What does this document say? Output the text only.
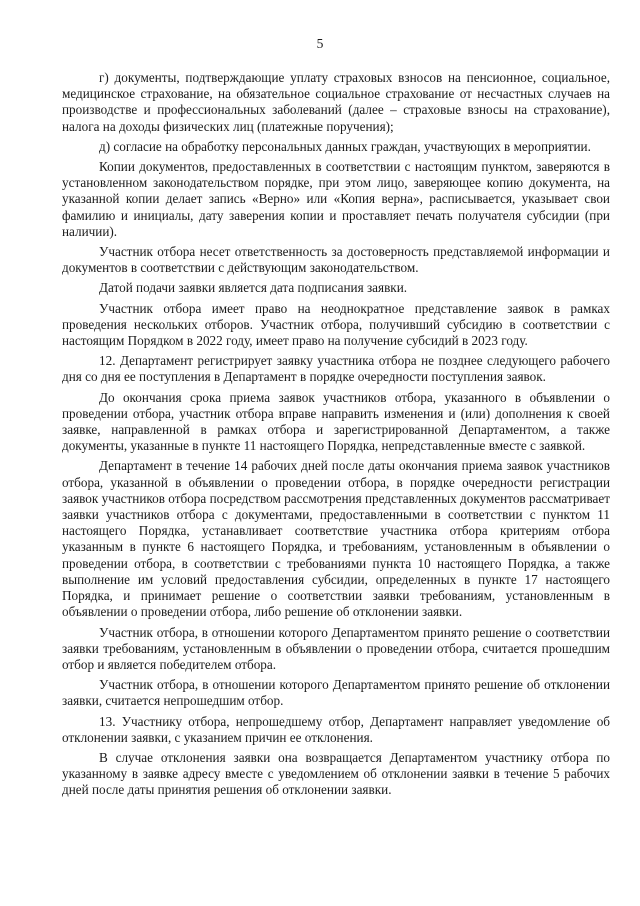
5

г) документы, подтверждающие уплату страховых взносов на пенсионное, социальное, медицинское страхование, на обязательное социальное страхование от несчастных случаев на производстве и профессиональных заболеваний (далее – страховые взносы на страхование), налога на доходы физических лиц (платежные поручения);

д) согласие на обработку персональных данных граждан, участвующих в мероприятии.

Копии документов, предоставленных в соответствии с настоящим пунктом, заверяются в установленном законодательством порядке, при этом лицо, заверяющее копию документа, на указанной копии делает запись «Верно» или «Копия верна», расписывается, указывает свои фамилию и инициалы, дату заверения копии и проставляет печать получателя субсидии (при наличии).

Участник отбора несет ответственность за достоверность представляемой информации и документов в соответствии с действующим законодательством.

Датой подачи заявки является дата подписания заявки.

Участник отбора имеет право на неоднократное представление заявок в рамках проведения нескольких отборов. Участник отбора, получивший субсидию в соответствии с настоящим Порядком в 2022 году, имеет право на получение субсидий в 2023 году.

12. Департамент регистрирует заявку участника отбора не позднее следующего рабочего дня со дня ее поступления в Департамент в порядке очередности поступления заявок.

До окончания срока приема заявок участников отбора, указанного в объявлении о проведении отбора, участник отбора вправе направить изменения и (или) дополнения к своей заявке, направленной в рамках отбора и зарегистрированной Департаментом, а также документы, указанные в пункте 11 настоящего Порядка, непредставленные вместе с заявкой.

Департамент в течение 14 рабочих дней после даты окончания приема заявок участников отбора, указанной в объявлении о проведении отбора, в порядке очередности регистрации заявок участников отбора посредством рассмотрения представленных документов рассматривает заявки участников отбора с документами, предоставленными в соответствии с пунктом 11 настоящего Порядка, устанавливает соответствие участника отбора критериям отбора указанным в пункте 6 настоящего Порядка, и требованиям, установленным в объявлении о проведении отбора, в соответствии с требованиями пункта 10 настоящего Порядка, а также выполнение им условий предоставления субсидии, определенных в пункте 17 настоящего Порядка, и принимает решение о соответствии заявки требованиям, установленным в объявлении о проведении отбора, либо решение об отклонении заявки.

Участник отбора, в отношении которого Департаментом принято решение о соответствии заявки требованиям, установленным в объявлении о проведении отбора, считается прошедшим отбор и является победителем отбора.

Участник отбора, в отношении которого Департаментом принято решение об отклонении заявки, считается непрошедшим отбор.

13. Участнику отбора, непрошедшему отбор, Департамент направляет уведомление об отклонении заявки, с указанием причин ее отклонения.

В случае отклонения заявки она возвращается Департаментом участнику отбора по указанному в заявке адресу вместе с уведомлением об отклонении заявки в течение 5 рабочих дней после даты принятия решения об отклонении заявки.
